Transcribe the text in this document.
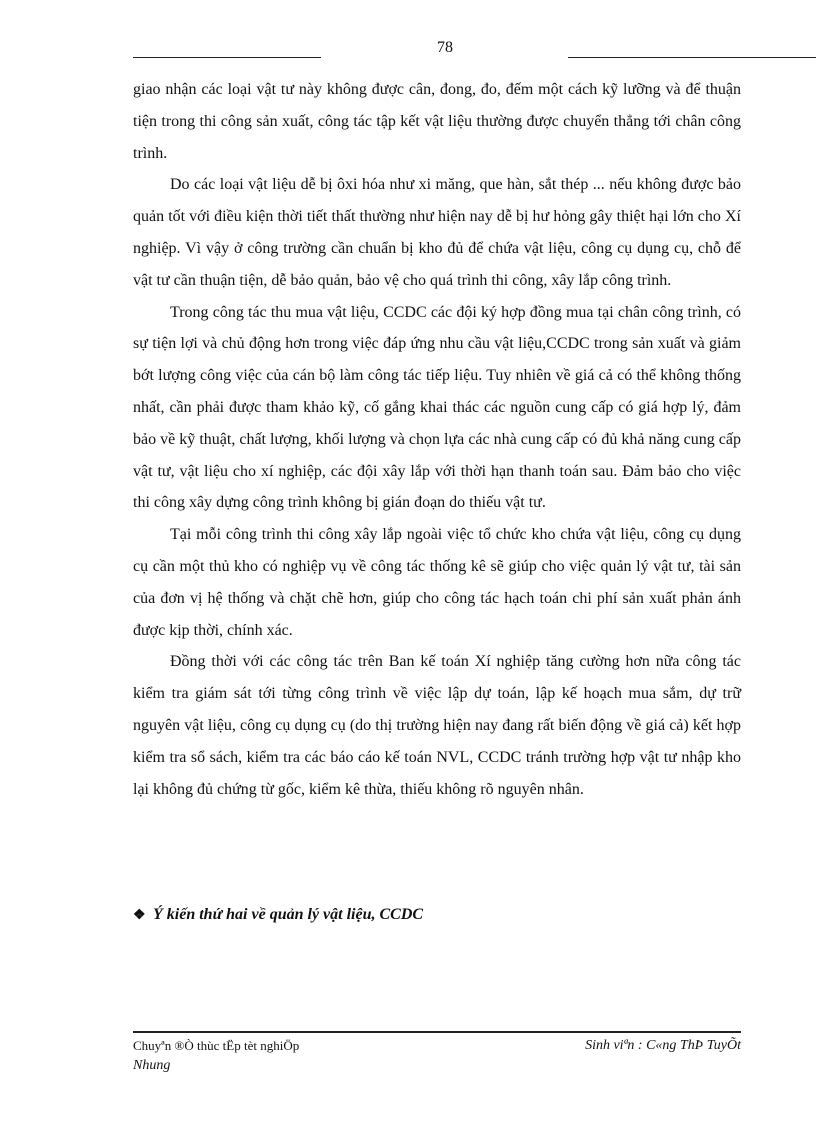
78

giao nhận các loại vật tư này không được cân, đong, đo, đếm một cách kỹ lưỡng và để thuận tiện trong thi công sản xuất, công tác tập kết vật liệu thường được chuyển thẳng tới chân công trình.

Do các loại vật liệu dễ bị ôxi hóa như xi măng, que hàn, sắt thép ... nếu không được bảo quản tốt với điều kiện thời tiết thất thường như hiện nay dễ bị hư hỏng gây thiệt hại lớn cho Xí nghiệp. Vì vậy ở công trường cần chuẩn bị kho đủ để chứa vật liệu, công cụ dụng cụ, chỗ để vật tư cần thuận tiện, dễ bảo quản, bảo vệ cho quá trình thi công, xây lắp công trình.

Trong công tác thu mua vật liệu, CCDC các đội ký hợp đồng mua tại chân công trình, có sự tiện lợi và chủ động hơn trong việc đáp ứng nhu cầu vật liệu,CCDC trong sản xuất và giảm bớt lượng công việc của cán bộ làm công tác tiếp liệu. Tuy nhiên về giá cả có thể không thống nhất, cần phải được tham khảo kỹ, cố gắng khai thác các nguồn cung cấp có giá hợp lý, đảm bảo về kỹ thuật, chất lượng, khối lượng và chọn lựa các nhà cung cấp có đủ khả năng cung cấp vật tư, vật liệu cho xí nghiệp, các đội xây lắp với thời hạn thanh toán sau. Đảm bảo cho việc thi công xây dựng công trình không bị gián đoạn do thiếu vật tư.

Tại mỗi công trình thi công xây lắp ngoài việc tổ chức kho chứa vật liệu, công cụ dụng cụ cần một thủ kho có nghiệp vụ về công tác thống kê sẽ giúp cho việc quản lý vật tư, tài sản của đơn vị hệ thống và chặt chẽ hơn, giúp cho công tác hạch toán chi phí sản xuất phản ánh được kịp thời, chính xác.

Đồng thời với các công tác trên Ban kế toán Xí nghiệp tăng cường hơn nữa công tác kiểm tra giám sát tới từng công trình về việc lập dự toán, lập kế hoạch mua sắm, dự trữ nguyên vật liệu, công cụ dụng cụ (do thị trường hiện nay đang rất biến động về giá cả) kết hợp kiểm tra sổ sách, kiểm tra các báo cáo kế toán NVL, CCDC tránh trường hợp vật tư nhập kho lại không đủ chứng từ gốc, kiểm kê thừa, thiếu không rõ nguyên nhân.

❖ Ý kiến thứ hai về quản lý vật liệu, CCDC
Chuyªn ®Ò thùc tËp tèt nghiÖp
Nhung
Sinh viªn : C«ng ThÞ TuyÕt
